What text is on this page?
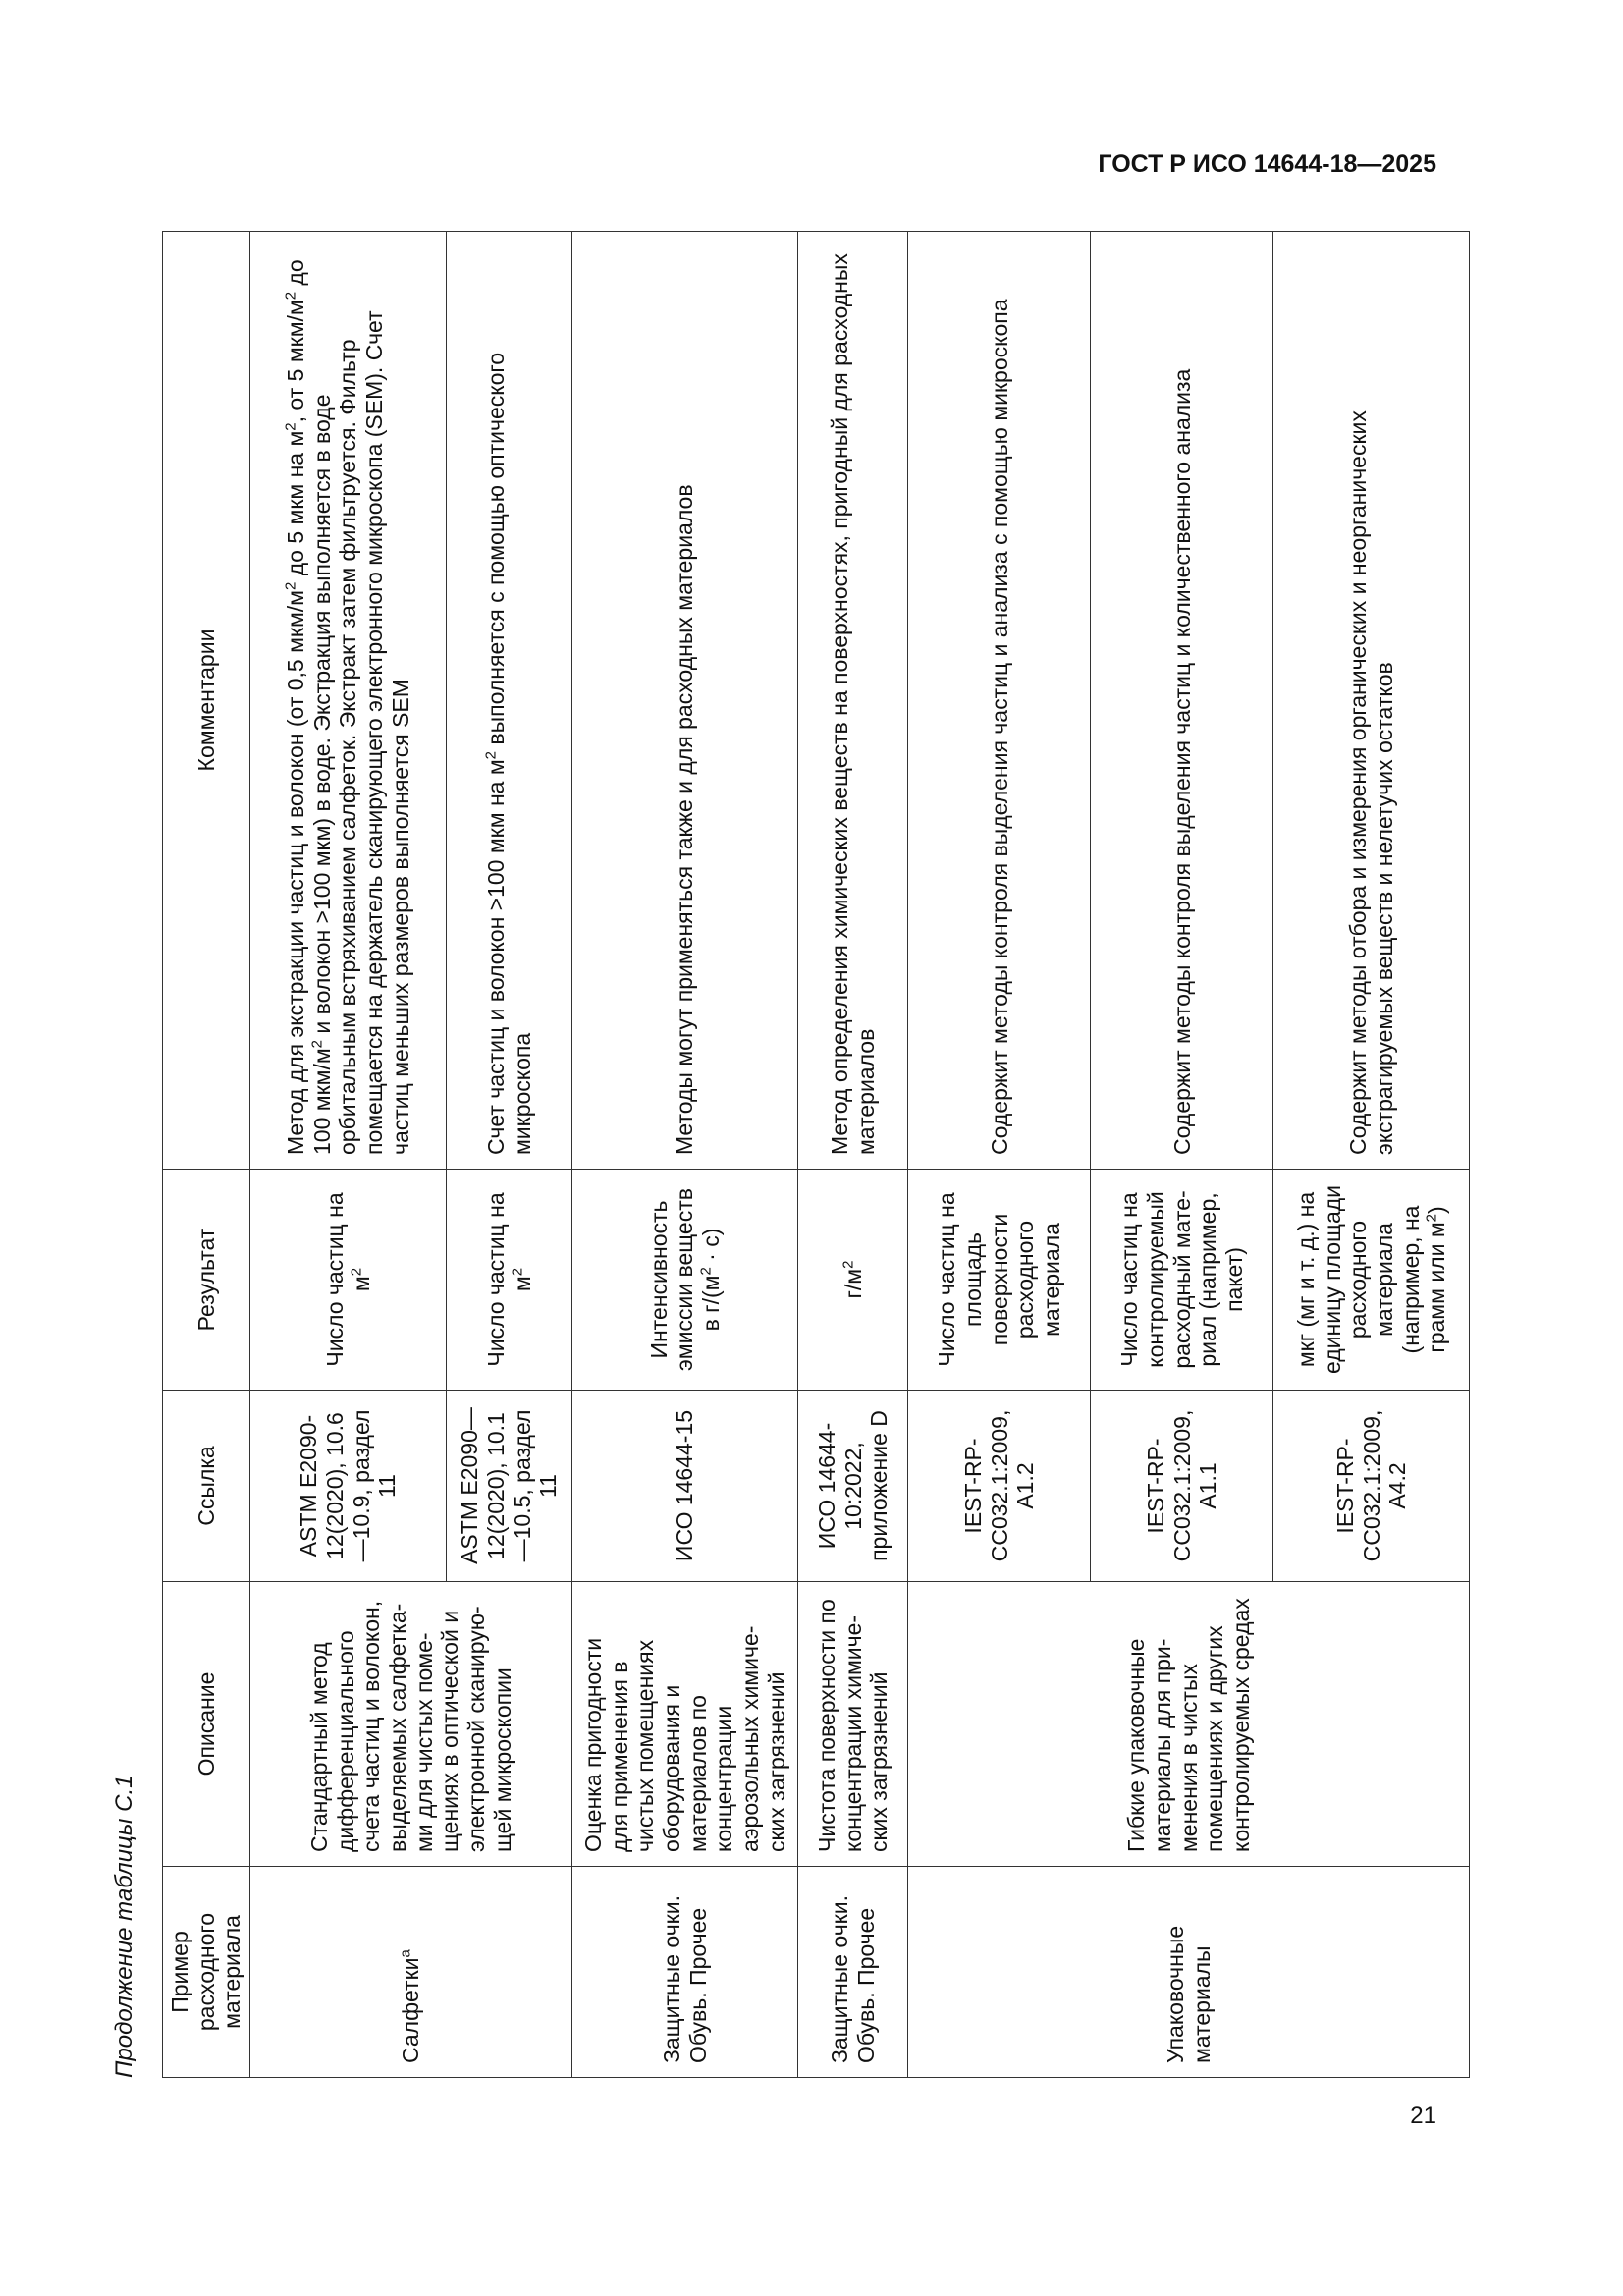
ГОСТ Р ИСО 14644-18—2025
Продолжение таблицы С.1 Пример расходного материала	Описание	Ссылка	Результат	Комментарии
Салфетки$^a$	Стандартный метод дифференциального счета частиц и волокон, выделяемых салфетками для чистых помещениях в оптической и электронной сканирующей микроскопии	ASTM E2090-12(2020), 10.6—10.9, раздел 11	Число частиц на $м^2$	Метод для экстракции частиц и волокон (от 0,5 мкм/$м^2$ до 5 мкм на $м^2$, от 5 мкм/$м^2$ до 100 мкм/$м^2$ и волокон >100 мкм) в воде. Экстракция выполняется в воде орбитальным встряхиванием салфеток. Экстракт затем фильтруется. Фильтр помещается на держатель сканирующего электронного микроскопа (SEM). Счет частиц меньших размеров выполняется SEM
		ASTM E2090—12(2020), 10.1—10.5, раздел 11	Число частиц на $м^2$	Счет частиц и волокон >100 мкм на $м^2$ выполняется с помощью оптического микроскопа
Защитные очки. Обувь. Прочее	Оценка пригодности для применения в чистых помещениях оборудования и материалов по концентрации аэрозольных химических загрязнений	ИСО 14644-15	Интенсивность эмиссии веществ в $г/(м^2 \cdot с)$	Методы могут применяться также и для расходных материалов
Защитные очки. Обувь. Прочее	Чистота поверхности по концентрации химических загрязнений	ИСО 14644-10:2022, приложение D	$г/м^2$	Метод определения химических веществ на поверхностях, пригодный для расходных материалов
Упаковочные материалы	Гибкие упаковочные материалы для применения в чистых помещениях и других контролируемых средах	IEST-RP-CC032.1:2009, A1.2	Число частиц на площадь поверхности расходного материала	Содержит методы контроля выделения частиц и анализа с помощью микроскопа
		IEST-RP-CC032.1:2009, A1.1	Число частиц на контролируемый расходный материал (например, пакет)	Содержит методы контроля выделения частиц и количественного анализа
		IEST-RP-CC032.1:2009, A4.2	мкг (мг и т. д.) на единицу площади расходного материала (например, на грамм или $м^2$)	Содержит методы отбора и измерения органических и неорганических экстрагируемых веществ и нелетучих остатков
21
